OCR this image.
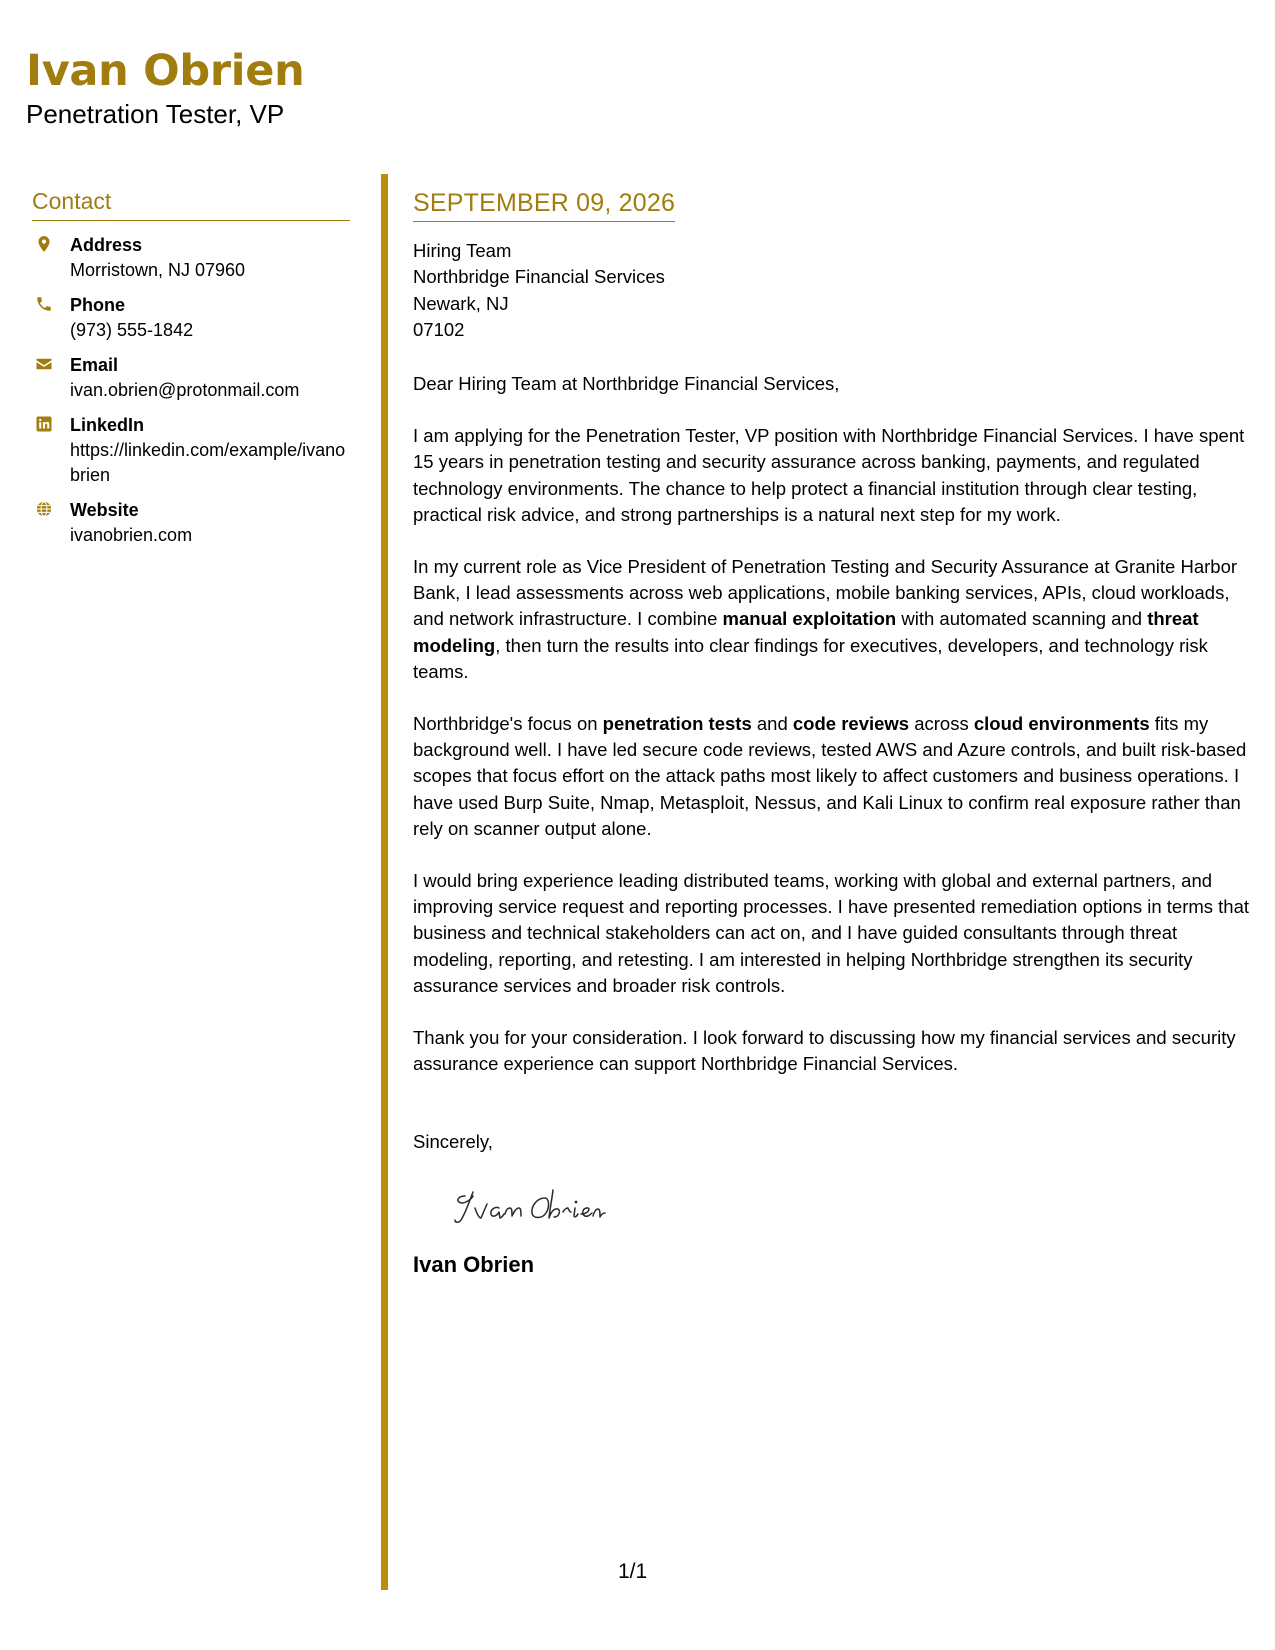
Ivan Obrien
Penetration Tester, VP
Contact
Address
Morristown, NJ 07960
Phone
(973) 555-1842
Email
ivan.obrien@protonmail.com
LinkedIn
https://linkedin.com/example/ivanobrien
Website
ivanobrien.com
SEPTEMBER 09, 2026
Hiring Team
Northbridge Financial Services
Newark, NJ
07102

Dear Hiring Team at Northbridge Financial Services,

I am applying for the Penetration Tester, VP position with Northbridge Financial Services. I have spent 15 years in penetration testing and security assurance across banking, payments, and regulated technology environments. The chance to help protect a financial institution through clear testing, practical risk advice, and strong partnerships is a natural next step for my work.

In my current role as Vice President of Penetration Testing and Security Assurance at Granite Harbor Bank, I lead assessments across web applications, mobile banking services, APIs, cloud workloads, and network infrastructure. I combine manual exploitation with automated scanning and threat modeling, then turn the results into clear findings for executives, developers, and technology risk teams.

Northbridge's focus on penetration tests and code reviews across cloud environments fits my background well. I have led secure code reviews, tested AWS and Azure controls, and built risk-based scopes that focus effort on the attack paths most likely to affect customers and business operations. I have used Burp Suite, Nmap, Metasploit, Nessus, and Kali Linux to confirm real exposure rather than rely on scanner output alone.

I would bring experience leading distributed teams, working with global and external partners, and improving service request and reporting processes. I have presented remediation options in terms that business and technical stakeholders can act on, and I have guided consultants through threat modeling, reporting, and retesting. I am interested in helping Northbridge strengthen its security assurance services and broader risk controls.

Thank you for your consideration. I look forward to discussing how my financial services and security assurance experience can support Northbridge Financial Services.

Sincerely,

Ivan Obrien
1/1
